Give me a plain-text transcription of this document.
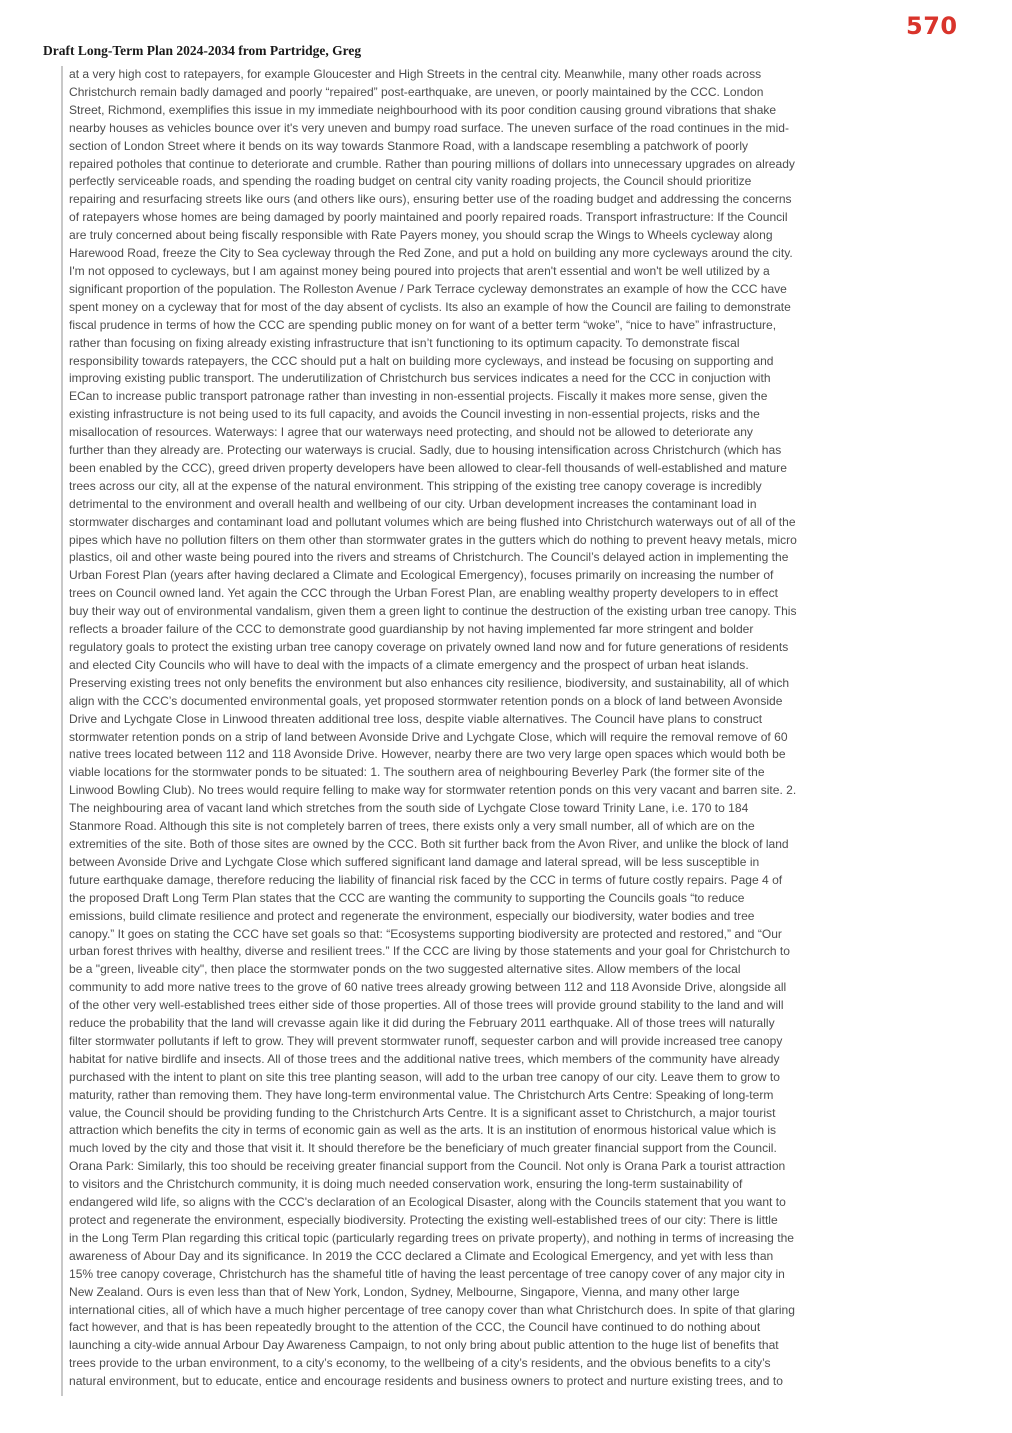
570
Draft Long-Term Plan 2024-2034 from Partridge, Greg

at a very high cost to ratepayers, for example Gloucester and High Streets in the central city. Meanwhile, many other roads across
Christchurch remain badly damaged and poorly “repaired” post-earthquake, are uneven, or poorly maintained by the CCC. London
Street, Richmond, exemplifies this issue in my immediate neighbourhood with its poor condition causing ground vibrations that shake
nearby houses as vehicles bounce over it's very uneven and bumpy road surface. The uneven surface of the road continues in the mid-
section of London Street where it bends on its way towards Stanmore Road, with a landscape resembling a patchwork of poorly
repaired potholes that continue to deteriorate and crumble. Rather than pouring millions of dollars into unnecessary upgrades on already
perfectly serviceable roads, and spending the roading budget on central city vanity roading projects, the Council should prioritize
repairing and resurfacing streets like ours (and others like ours), ensuring better use of the roading budget and addressing the concerns
of ratepayers whose homes are being damaged by poorly maintained and poorly repaired roads. Transport infrastructure: If the Council
are truly concerned about being fiscally responsible with Rate Payers money, you should scrap the Wings to Wheels cycleway along
Harewood Road, freeze the City to Sea cycleway through the Red Zone, and put a hold on building any more cycleways around the city.
I'm not opposed to cycleways, but I am against money being poured into projects that aren't essential and won't be well utilized by a
significant proportion of the population. The Rolleston Avenue / Park Terrace cycleway demonstrates an example of how the CCC have
spent money on a cycleway that for most of the day absent of cyclists. Its also an example of how the Council are failing to demonstrate
fiscal prudence in terms of how the CCC are spending public money on for want of a better term “woke”, “nice to have” infrastructure,
rather than focusing on fixing already existing infrastructure that isn’t functioning to its optimum capacity. To demonstrate fiscal
responsibility towards ratepayers, the CCC should put a halt on building more cycleways, and instead be focusing on supporting and
improving existing public transport. The underutilization of Christchurch bus services indicates a need for the CCC in conjuction with
ECan to increase public transport patronage rather than investing in non-essential projects. Fiscally it makes more sense, given the
existing infrastructure is not being used to its full capacity, and avoids the Council investing in non-essential projects, risks and the
misallocation of resources. Waterways: I agree that our waterways need protecting, and should not be allowed to deteriorate any
further than they already are. Protecting our waterways is crucial. Sadly, due to housing intensification across Christchurch (which has
been enabled by the CCC), greed driven property developers have been allowed to clear-fell thousands of well-established and mature
trees across our city, all at the expense of the natural environment. This stripping of the existing tree canopy coverage is incredibly
detrimental to the environment and overall health and wellbeing of our city. Urban development increases the contaminant load in
stormwater discharges and contaminant load and pollutant volumes which are being flushed into Christchurch waterways out of all of the
pipes which have no pollution filters on them other than stormwater grates in the gutters which do nothing to prevent heavy metals, micro
plastics, oil and other waste being poured into the rivers and streams of Christchurch. The Council’s delayed action in implementing the
Urban Forest Plan (years after having declared a Climate and Ecological Emergency), focuses primarily on increasing the number of
trees on Council owned land. Yet again the CCC through the Urban Forest Plan, are enabling wealthy property developers to in effect
buy their way out of environmental vandalism, given them a green light to continue the destruction of the existing urban tree canopy. This
reflects a broader failure of the CCC to demonstrate good guardianship by not having implemented far more stringent and bolder
regulatory goals to protect the existing urban tree canopy coverage on privately owned land now and for future generations of residents
and elected City Councils who will have to deal with the impacts of a climate emergency and the prospect of urban heat islands.
Preserving existing trees not only benefits the environment but also enhances city resilience, biodiversity, and sustainability, all of which
align with the CCC’s documented environmental goals, yet proposed stormwater retention ponds on a block of land between Avonside
Drive and Lychgate Close in Linwood threaten additional tree loss, despite viable alternatives. The Council have plans to construct
stormwater retention ponds on a strip of land between Avonside Drive and Lychgate Close, which will require the removal remove of 60
native trees located between 112 and 118 Avonside Drive. However, nearby there are two very large open spaces which would both be
viable locations for the stormwater ponds to be situated: 1. The southern area of neighbouring Beverley Park (the former site of the
Linwood Bowling Club). No trees would require felling to make way for stormwater retention ponds on this very vacant and barren site. 2.
The neighbouring area of vacant land which stretches from the south side of Lychgate Close toward Trinity Lane, i.e. 170 to 184
Stanmore Road. Although this site is not completely barren of trees, there exists only a very small number, all of which are on the
extremities of the site. Both of those sites are owned by the CCC. Both sit further back from the Avon River, and unlike the block of land
between Avonside Drive and Lychgate Close which suffered significant land damage and lateral spread, will be less susceptible in
future earthquake damage, therefore reducing the liability of financial risk faced by the CCC in terms of future costly repairs. Page 4 of
the proposed Draft Long Term Plan states that the CCC are wanting the community to supporting the Councils goals “to reduce
emissions, build climate resilience and protect and regenerate the environment, especially our biodiversity, water bodies and tree
canopy.” It goes on stating the CCC have set goals so that: “Ecosystems supporting biodiversity are protected and restored,” and “Our
urban forest thrives with healthy, diverse and resilient trees.” If the CCC are living by those statements and your goal for Christchurch to
be a "green, liveable city", then place the stormwater ponds on the two suggested alternative sites. Allow members of the local
community to add more native trees to the grove of 60 native trees already growing between 112 and 118 Avonside Drive, alongside all
of the other very well-established trees either side of those properties. All of those trees will provide ground stability to the land and will
reduce the probability that the land will crevasse again like it did during the February 2011 earthquake. All of those trees will naturally
filter stormwater pollutants if left to grow. They will prevent stormwater runoff, sequester carbon and will provide increased tree canopy
habitat for native birdlife and insects. All of those trees and the additional native trees, which members of the community have already
purchased with the intent to plant on site this tree planting season, will add to the urban tree canopy of our city. Leave them to grow to
maturity, rather than removing them. They have long-term environmental value. The Christchurch Arts Centre: Speaking of long-term
value, the Council should be providing funding to the Christchurch Arts Centre. It is a significant asset to Christchurch, a major tourist
attraction which benefits the city in terms of economic gain as well as the arts. It is an institution of enormous historical value which is
much loved by the city and those that visit it. It should therefore be the beneficiary of much greater financial support from the Council.
Orana Park: Similarly, this too should be receiving greater financial support from the Council. Not only is Orana Park a tourist attraction
to visitors and the Christchurch community, it is doing much needed conservation work, ensuring the long-term sustainability of
endangered wild life, so aligns with the CCC's declaration of an Ecological Disaster, along with the Councils statement that you want to
protect and regenerate the environment, especially biodiversity. Protecting the existing well-established trees of our city: There is little
in the Long Term Plan regarding this critical topic (particularly regarding trees on private property), and nothing in terms of increasing the
awareness of Abour Day and its significance. In 2019 the CCC declared a Climate and Ecological Emergency, and yet with less than
15% tree canopy coverage, Christchurch has the shameful title of having the least percentage of tree canopy cover of any major city in
New Zealand. Ours is even less than that of New York, London, Sydney, Melbourne, Singapore, Vienna, and many other large
international cities, all of which have a much higher percentage of tree canopy cover than what Christchurch does. In spite of that glaring
fact however, and that is has been repeatedly brought to the attention of the CCC, the Council have continued to do nothing about
launching a city-wide annual Arbour Day Awareness Campaign, to not only bring about public attention to the huge list of benefits that
trees provide to the urban environment, to a city’s economy, to the wellbeing of a city’s residents, and the obvious benefits to a city’s
natural environment, but to educate, entice and encourage residents and business owners to protect and nurture existing trees, and to
